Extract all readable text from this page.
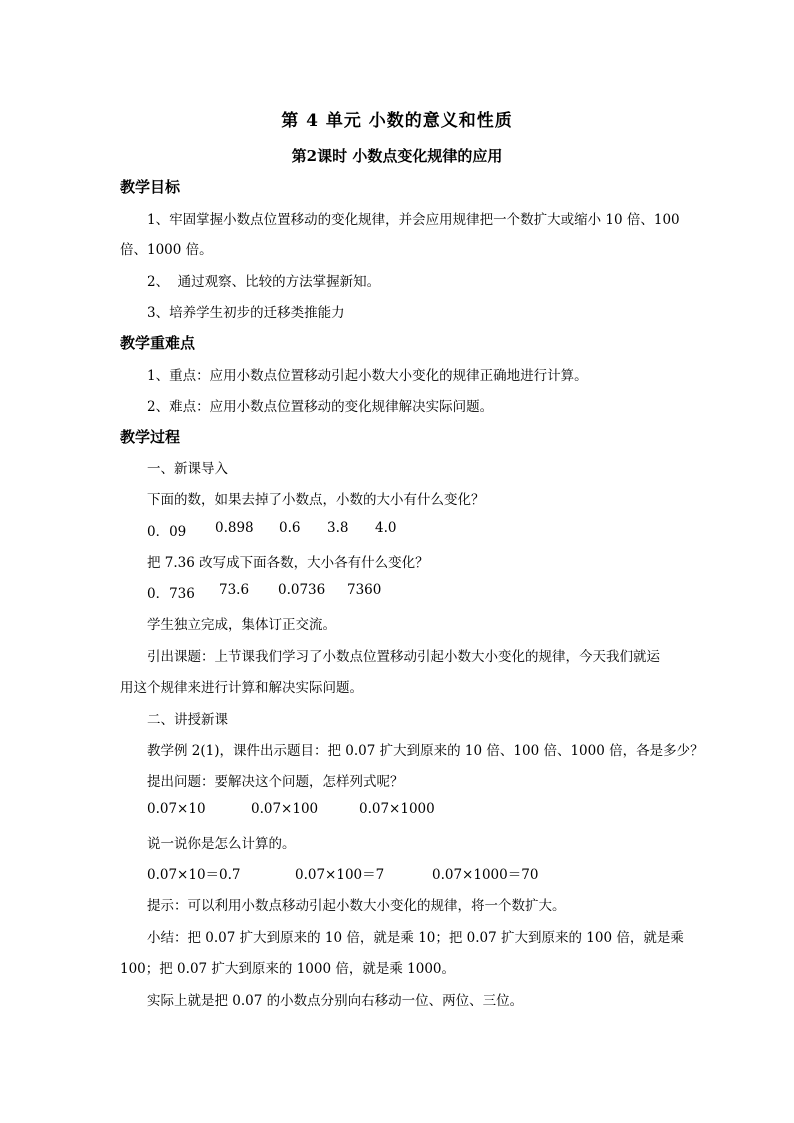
第 4 单元 小数的意义和性质
第2课时 小数点变化规律的应用
教学目标
1、牢固掌握小数点位置移动的变化规律，并会应用规律把一个数扩大或缩小 10 倍、100
倍、1000 倍。
2、  通过观察、比较的方法掌握新知。
3、培养学生初步的迁移类推能力
教学重难点
1、重点：应用小数点位置移动引起小数大小变化的规律正确地进行计算。
2、难点：应用小数点位置移动的变化规律解决实际问题。
教学过程
一、新课导入
下面的数，如果去掉了小数点，小数的大小有什么变化？
0．09 0.898 0.6 3.8 4.0
把 7.36 改写成下面各数，大小各有什么变化？
0．736 73.6 0.0736 7360
学生独立完成，集体订正交流。
引出课题：上节课我们学习了小数点位置移动引起小数大小变化的规律，今天我们就运
用这个规律来进行计算和解决实际问题。
二、讲授新课
教学例 2(1)，课件出示题目：把 0.07 扩大到原来的 10 倍、100 倍、1000 倍，各是多少？
提出问题：要解决这个问题，怎样列式呢？
0.07×10	0.07×100	0.07×1000
说一说你是怎么计算的。
0.07×10＝0.7	0.07×100＝7	0.07×1000＝70
提示：可以利用小数点移动引起小数大小变化的规律，将一个数扩大。
小结：把 0.07 扩大到原来的 10 倍，就是乘 10；把 0.07 扩大到原来的 100 倍，就是乘
100；把 0.07 扩大到原来的 1000 倍，就是乘 1000。
实际上就是把 0.07 的小数点分别向右移动一位、两位、三位。
